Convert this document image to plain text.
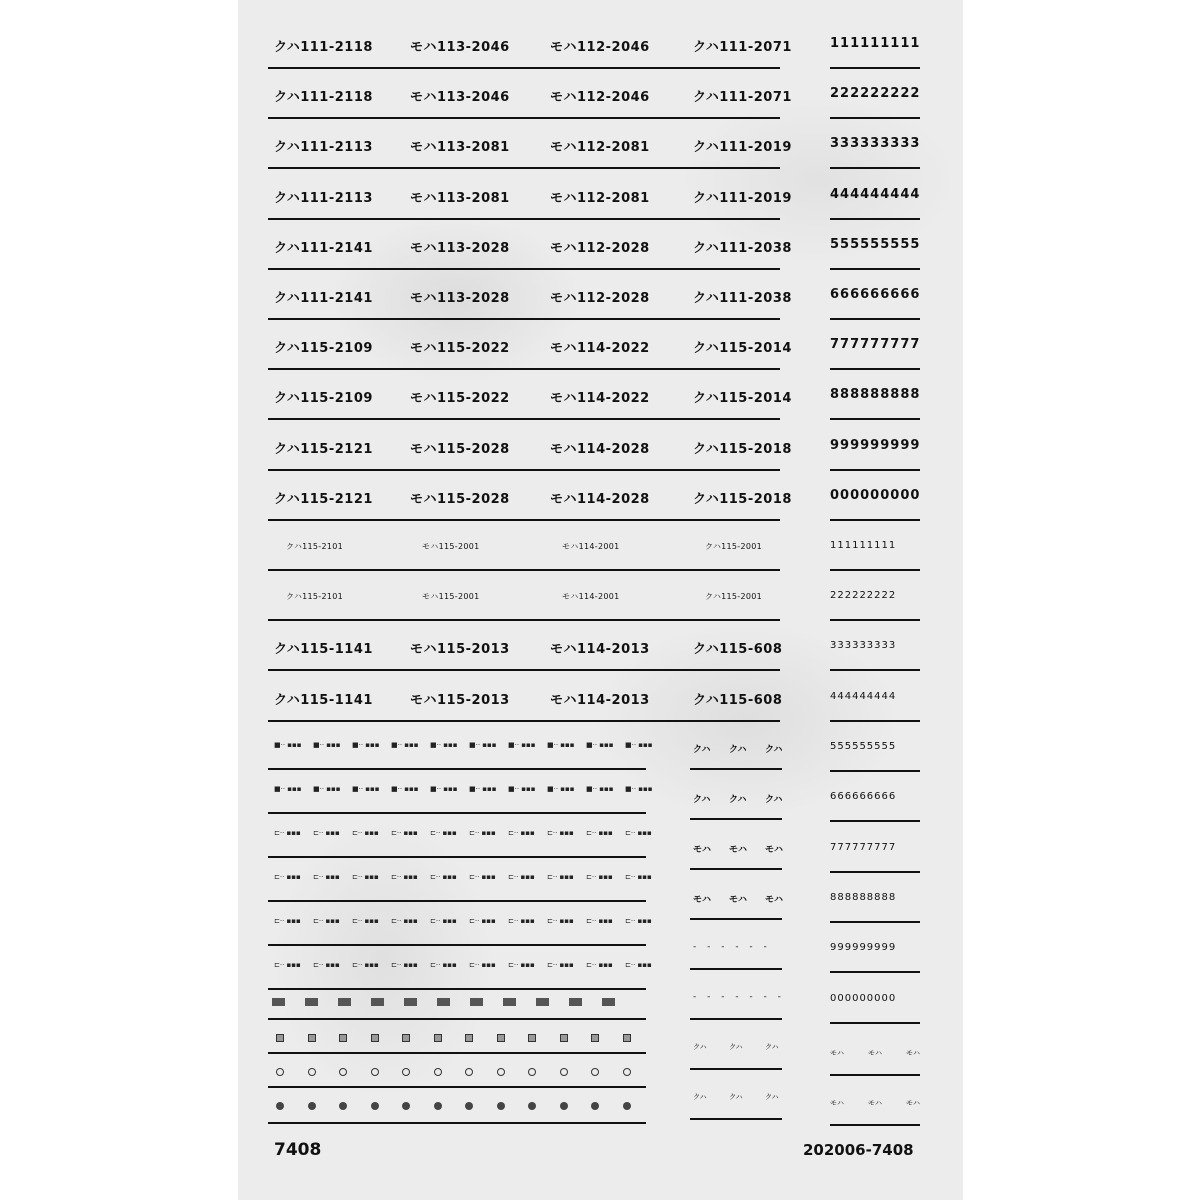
クハ111-2118	モハ113-2046	モハ112-2046	クハ111-2071
クハ111-2118	モハ113-2046	モハ112-2046	クハ111-2071
クハ111-2113	モハ113-2081	モハ112-2081	クハ111-2019
クハ111-2113	モハ113-2081	モハ112-2081	クハ111-2019
クハ111-2141	モハ113-2028	モハ112-2028	クハ111-2038
クハ111-2141	モハ113-2028	モハ112-2028	クハ111-2038
クハ115-2109	モハ115-2022	モハ114-2022	クハ115-2014
クハ115-2109	モハ115-2022	モハ114-2022	クハ115-2014
クハ115-2121	モハ115-2028	モハ114-2028	クハ115-2018
クハ115-2121	モハ115-2028	モハ114-2028	クハ115-2018
クハ115-2101	モハ115-2001	モハ114-2001	クハ115-2001
クハ115-2101	モハ115-2001	モハ114-2001	クハ115-2001
クハ115-1141	モハ115-2013	モハ114-2013	クハ115-608
クハ115-1141	モハ115-2013	モハ114-2013	クハ115-608
111111111
222222222
333333333
444444444
555555555
666666666
777777777
888888888
999999999
000000000
111111111
222222222
333333333
444444444
555555555
666666666
777777777
888888888
999999999
000000000
■·· ▪▪▪ ■·· ▪▪▪ ■·· ▪▪▪ ■·· ▪▪▪ ■·· ▪▪▪ ■·· ▪▪▪ ■·· ▪▪▪ ■·· ▪▪▪ ■·· ▪▪▪ ■·· ▪▪▪
■·· ▪▪▪ ■·· ▪▪▪ ■·· ▪▪▪ ■·· ▪▪▪ ■·· ▪▪▪ ■·· ▪▪▪ ■·· ▪▪▪ ■·· ▪▪▪ ■·· ▪▪▪ ■·· ▪▪▪
⊏·· ▪▪▪ ⊏·· ▪▪▪ ⊏·· ▪▪▪ ⊏·· ▪▪▪ ⊏·· ▪▪▪ ⊏·· ▪▪▪ ⊏·· ▪▪▪ ⊏·· ▪▪▪ ⊏·· ▪▪▪ ⊏·· ▪▪▪
⊏·· ▪▪▪ ⊏·· ▪▪▪ ⊏·· ▪▪▪ ⊏·· ▪▪▪ ⊏·· ▪▪▪ ⊏·· ▪▪▪ ⊏·· ▪▪▪ ⊏·· ▪▪▪ ⊏·· ▪▪▪ ⊏·· ▪▪▪
⊏·· ▪▪▪ ⊏·· ▪▪▪ ⊏·· ▪▪▪ ⊏·· ▪▪▪ ⊏·· ▪▪▪ ⊏·· ▪▪▪ ⊏·· ▪▪▪ ⊏·· ▪▪▪ ⊏·· ▪▪▪ ⊏·· ▪▪▪
⊏·· ▪▪▪ ⊏·· ▪▪▪ ⊏·· ▪▪▪ ⊏·· ▪▪▪ ⊏·· ▪▪▪ ⊏·· ▪▪▪ ⊏·· ▪▪▪ ⊏·· ▪▪▪ ⊏·· ▪▪▪ ⊏·· ▪▪▪
クハ クハ クハ
クハ クハ クハ
モハ モハ モハ
モハ モハ モハ
- - - - - -
- - - - - - -
クハ	クハ	クハ
クハ	クハ	クハ
モハ	モハ	モハ
モハ	モハ	モハ
7408	202006-7408
